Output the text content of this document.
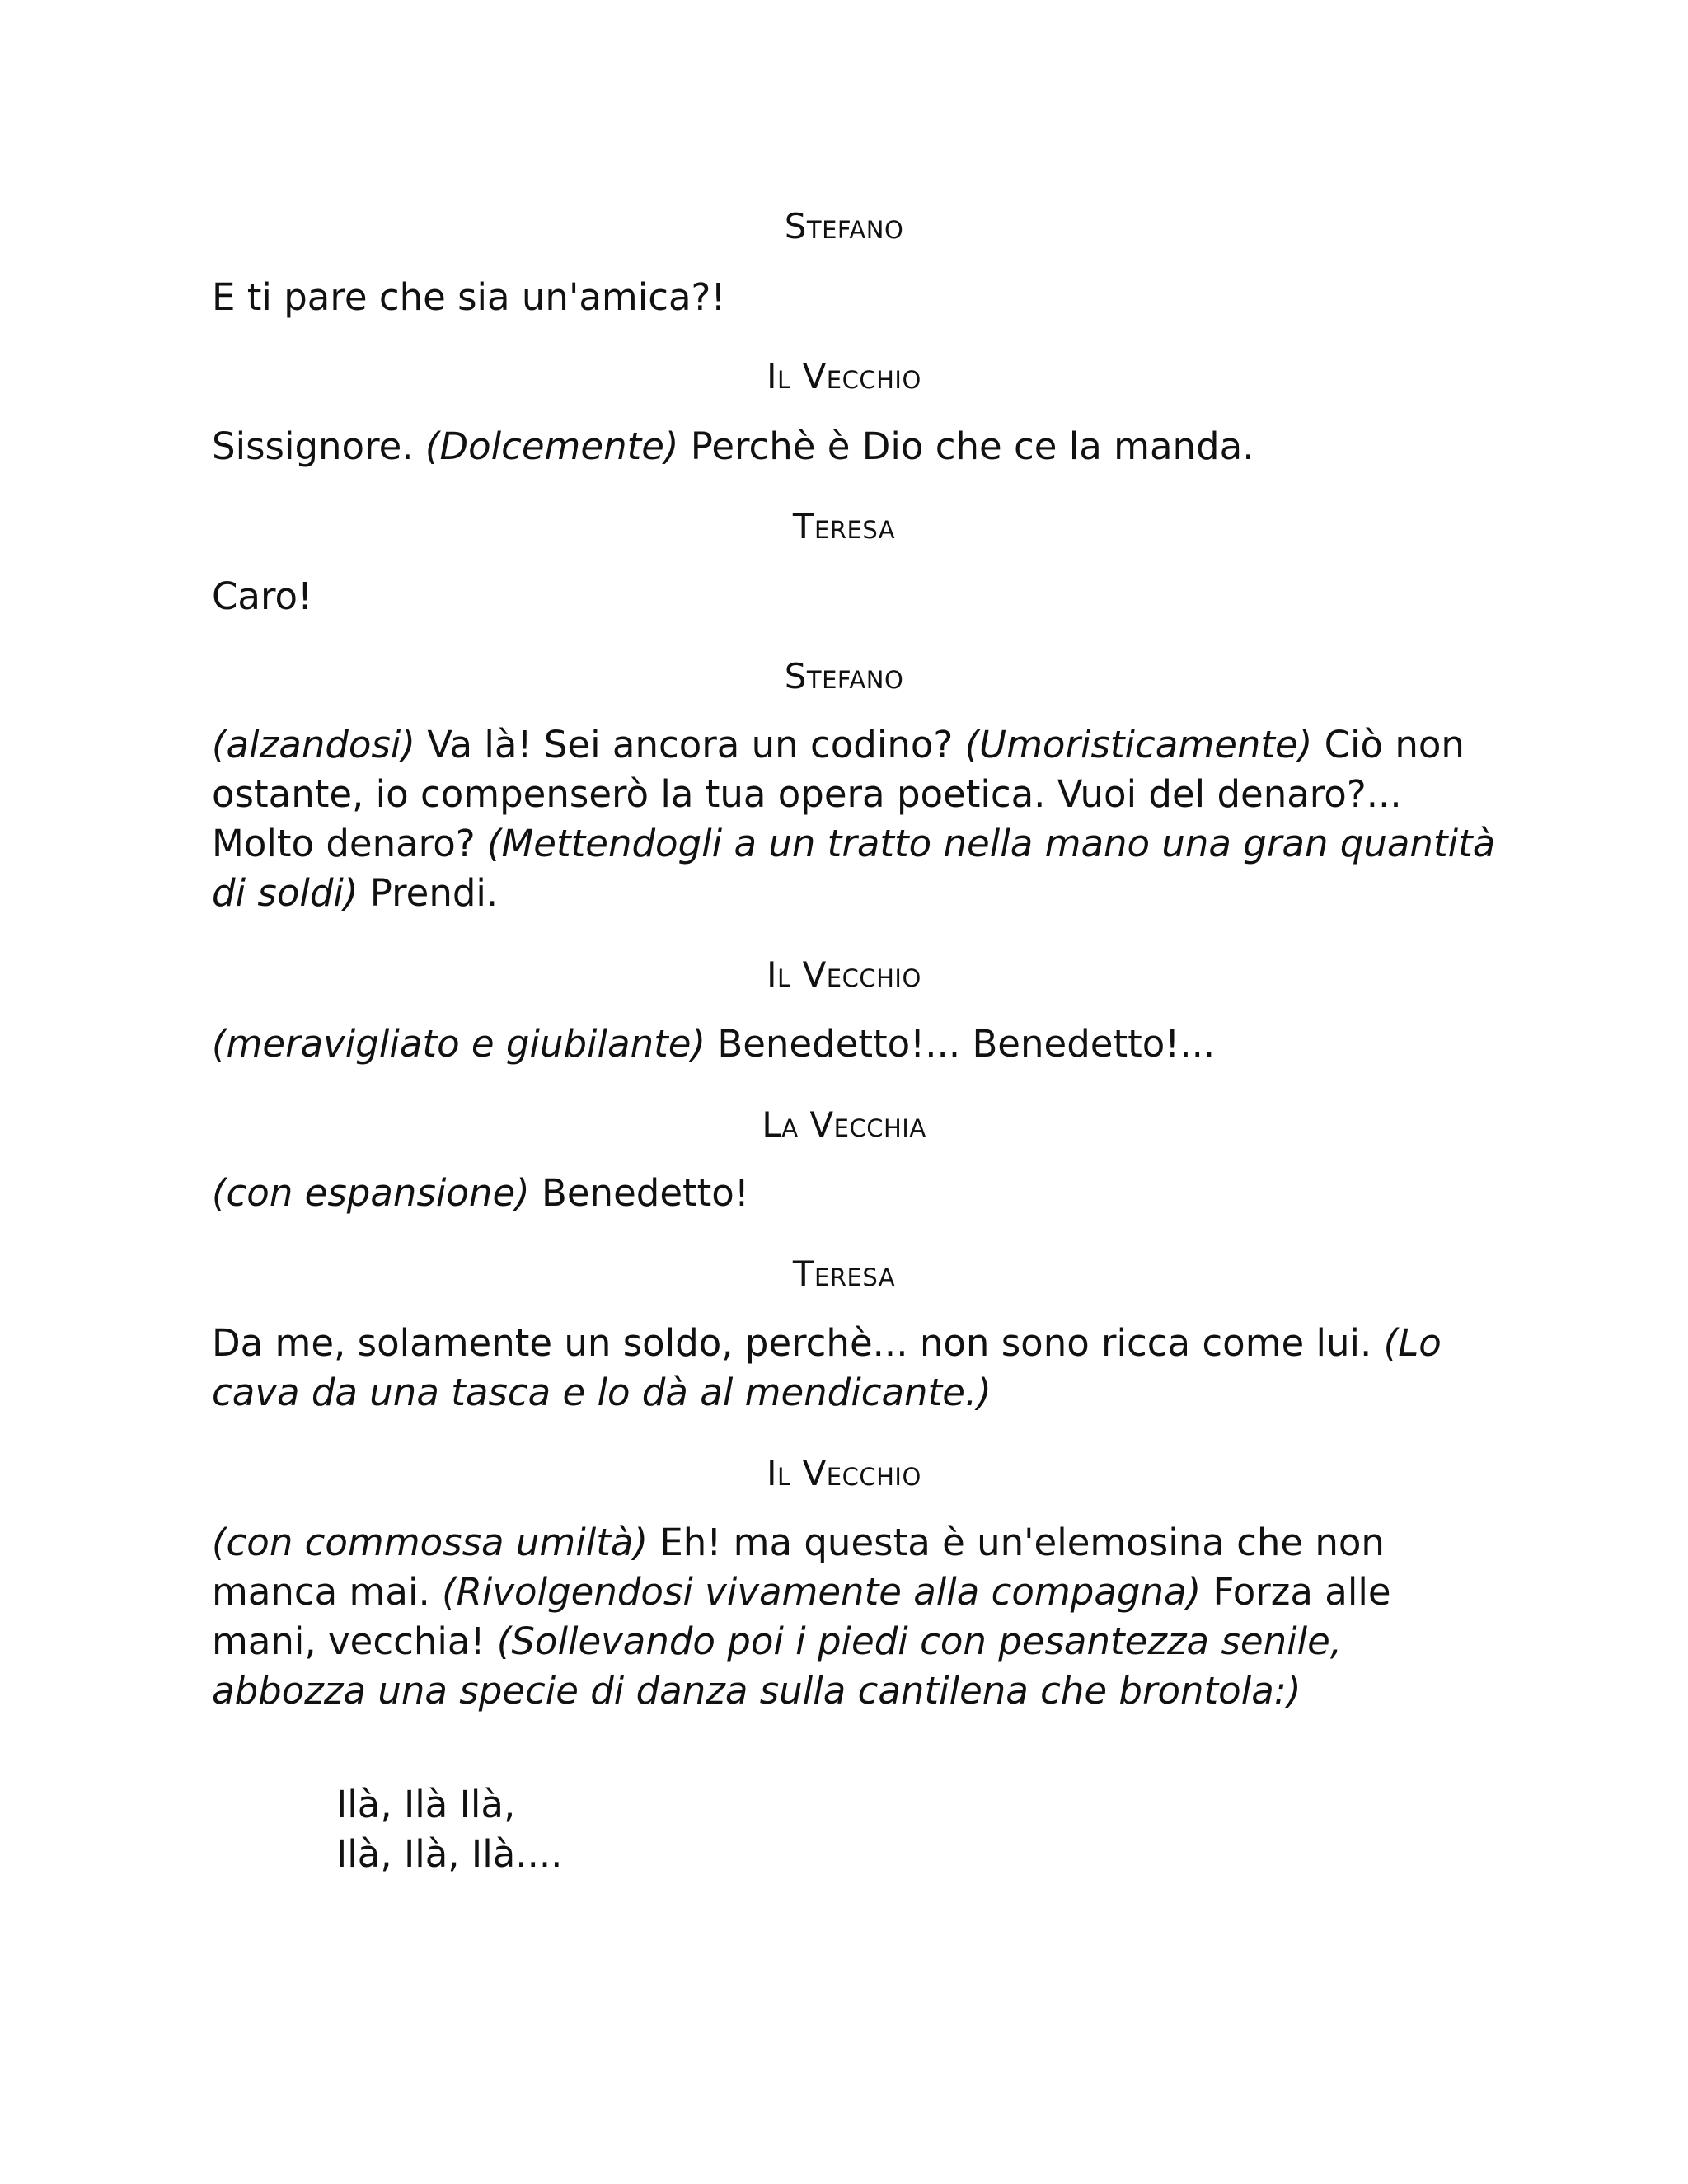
Stefano
E ti pare che sia un'amica?!
Il Vecchio
Sissignore. (Dolcemente) Perchè è Dio che ce la manda.
Teresa
Caro!
Stefano
(alzandosi) Va là! Sei ancora un codino? (Umoristicamente) Ciò non ostante, io compenserò la tua opera poetica. Vuoi del denaro?... Molto denaro? (Mettendogli a un tratto nella mano una gran quantità di soldi) Prendi.
Il Vecchio
(meravigliato e giubilante) Benedetto!... Benedetto!...
La Vecchia
(con espansione) Benedetto!
Teresa
Da me, solamente un soldo, perchè... non sono ricca come lui. (Lo cava da una tasca e lo dà al mendicante.)
Il Vecchio
(con commossa umiltà) Eh! ma questa è un'elemosina che non manca mai. (Rivolgendosi vivamente alla compagna) Forza alle mani, vecchia! (Sollevando poi i piedi con pesantezza senile, abbozza una specie di danza sulla cantilena che brontola:)
Ilà, Ilà Ilà,
Ilà, Ilà, Ilà....
